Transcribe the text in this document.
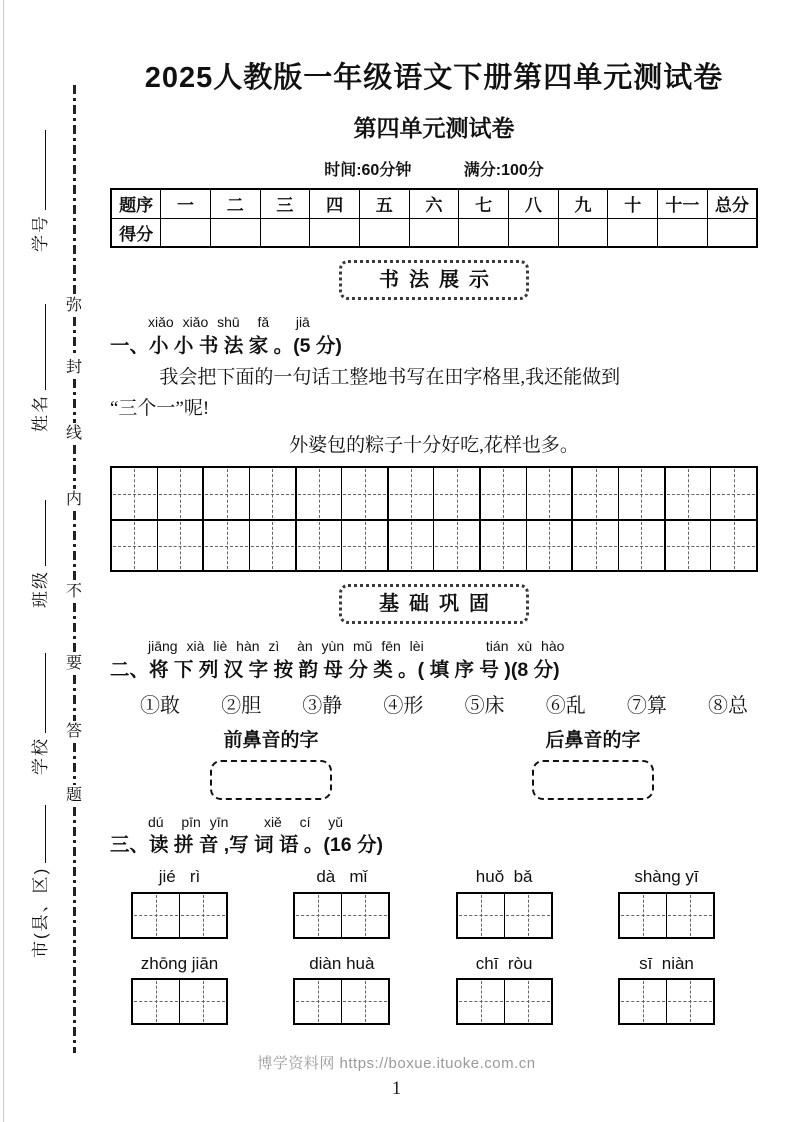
学号
姓名
班级
学校
市(县、区)
弥
封
线
内
不
要
答
题
2025人教版一年级语文下册第四单元测试卷
第四单元测试卷
时间:60分钟	满分:100分
题序	一	二	三	四	五	六	七	八	九	十	十一	总分
得分												
书法展示
xiǎo xiǎo shū  fǎ   jiā
一、小 小 书 法 家 。(5 分)
我会把下面的一句话工整地书写在田字格里,我还能做到
“三个一”呢!
外婆包的粽子十分好吃,花样也多。
基础巩固
jiāng xià liè hàn zì  àn yùn mǔ fēn lèi       tián xù hào
二、将 下 列 汉 字 按 韵 母 分 类 。( 填 序 号 )(8 分)
①敢 ②胆 ③静 ④形 ⑤床 ⑥乱 ⑦算 ⑧总
前鼻音的字	后鼻音的字
dú  pīn yīn    xiě  cí  yǔ
三、读 拼 音 ,写 词 语 。(16 分)
jié   rì	dà   mǐ	huǒ  bǎ	shàng yī
zhōng jiān	diàn huà	chī  ròu	sī  niàn
博学资料网 https://boxue.ituoke.com.cn
1
